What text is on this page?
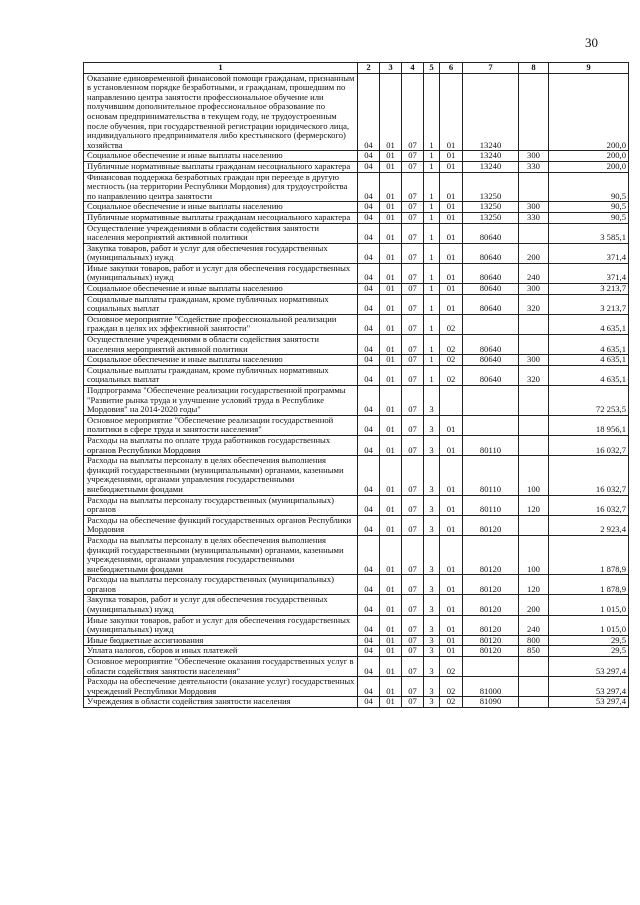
30
1	2	3	4	5	6	7	8	9
Оказание единовременной финансовой помощи гражданам, признанным в установленном порядке безработными, и гражданам, прошедшим по направлению центра занятости профессиональное обучение или получившим дополнительное профессиональное образование по основам предпринимательства в текущем году, не трудоустроенным после обучения, при государственной регистрации юридического лица, индивидуального предпринимателя либо крестьянского (фермерского) хозяйства	04	01	07	1	01	13240		200,0
Социальное обеспечение и иные выплаты населению	04	01	07	1	01	13240	300	200,0
Публичные нормативные выплаты гражданам несоциального характера	04	01	07	1	01	13240	330	200,0
Финансовая поддержка безработных граждан при переезде в другую местность (на территории Республики Мордовия) для трудоустройства по направлению центра занятости	04	01	07	1	01	13250		90,5
Социальное обеспечение и иные выплаты населению	04	01	07	1	01	13250	300	90,5
Публичные нормативные выплаты гражданам несоциального характера	04	01	07	1	01	13250	330	90,5
Осуществление учреждениями в области содействия занятости населения мероприятий активной политики	04	01	07	1	01	80640		3 585,1
Закупка товаров, работ и услуг для обеспечения государственных (муниципальных) нужд	04	01	07	1	01	80640	200	371,4
Иные закупки товаров, работ и услуг для обеспечения государственных (муниципальных) нужд	04	01	07	1	01	80640	240	371,4
Социальное обеспечение и иные выплаты населению	04	01	07	1	01	80640	300	3 213,7
Социальные выплаты гражданам, кроме публичных нормативных социальных выплат	04	01	07	1	01	80640	320	3 213,7
Основное мероприятие "Содействие профессиональной реализации граждан в целях их эффективной занятости"	04	01	07	1	02			4 635,1
Осуществление учреждениями в области содействия занятости населения мероприятий активной политики	04	01	07	1	02	80640		4 635,1
Социальное обеспечение и иные выплаты населению	04	01	07	1	02	80640	300	4 635,1
Социальные выплаты гражданам, кроме публичных нормативных социальных выплат	04	01	07	1	02	80640	320	4 635,1
Подпрограмма "Обеспечение реализации государственной программы "Развитие рынка труда и улучшение условий труда в Республике Мордовия" на 2014-2020 годы"	04	01	07	3				72 253,5
Основное мероприятие "Обеспечение реализации государственной политики в сфере труда и занятости населения"	04	01	07	3	01			18 956,1
Расходы на выплаты по оплате труда работников государственных органов Республики Мордовия	04	01	07	3	01	80110		16 032,7
Расходы на выплаты персоналу в целях обеспечения выполнения функций государственными (муниципальными) органами, казенными учреждениями, органами управления государственными внебюджетными фондами	04	01	07	3	01	80110	100	16 032,7
Расходы на выплаты персоналу государственных (муниципальных) органов	04	01	07	3	01	80110	120	16 032,7
Расходы на обеспечение функций государственных органов Республики Мордовия	04	01	07	3	01	80120		2 923,4
Расходы на выплаты персоналу в целях обеспечения выполнения функций государственными (муниципальными) органами, казенными учреждениями, органами управления государственными внебюджетными фондами	04	01	07	3	01	80120	100	1 878,9
Расходы на выплаты персоналу государственных (муниципальных) органов	04	01	07	3	01	80120	120	1 878,9
Закупка товаров, работ и услуг для обеспечения государственных (муниципальных) нужд	04	01	07	3	01	80120	200	1 015,0
Иные закупки товаров, работ и услуг для обеспечения государственных (муниципальных) нужд	04	01	07	3	01	80120	240	1 015,0
Иные бюджетные ассигнования	04	01	07	3	01	80120	800	29,5
Уплата налогов, сборов и иных платежей	04	01	07	3	01	80120	850	29,5
Основное мероприятие "Обеспечение оказания государственных услуг в области содействия занятости населения"	04	01	07	3	02			53 297,4
Расходы на обеспечение деятельности (оказание услуг) государственных учреждений Республики Мордовия	04	01	07	3	02	81000		53 297,4
Учреждения в области содействия занятости населения	04	01	07	3	02	81090		53 297,4
